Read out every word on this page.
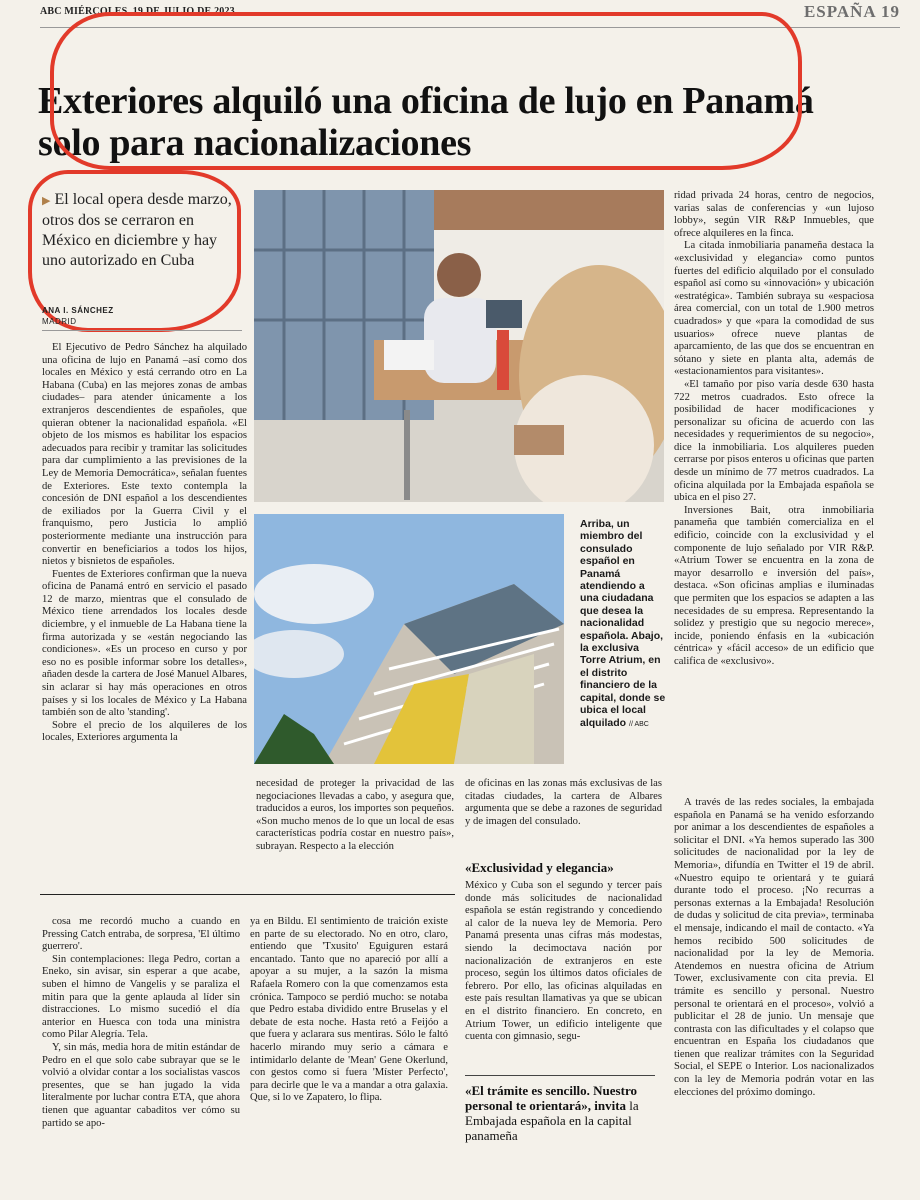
ABC MIÉRCOLES, 19 DE JULIO DE 2023	ESPAÑA 19
Exteriores alquiló una oficina de lujo en Panamá solo para nacionalizaciones
▶ El local opera desde marzo, otros dos se cerraron en México en diciembre y hay uno autorizado en Cuba
ANA I. SÁNCHEZ
MADRID

El Ejecutivo de Pedro Sánchez ha alquilado una oficina de lujo en Panamá –así como dos locales en México y está cerrando otro en La Habana (Cuba) en las mejores zonas de ambas ciudades– para atender únicamente a los extranjeros descendientes de españoles, que quieran obtener la nacionalidad española. «El objeto de los mismos es habilitar los espacios adecuados para recibir y tramitar las solicitudes para dar cumplimiento a las previsiones de la Ley de Memoria Democrática», señalan fuentes de Exteriores. Este texto contempla la concesión de DNI español a los descendientes de exiliados por la Guerra Civil y el franquismo, pero Justicia lo amplió posteriormente mediante una instrucción para convertir en beneficiarios a todos los hijos, nietos y bisnietos de españoles.

Fuentes de Exteriores confirman que la nueva oficina de Panamá entró en servicio el pasado 12 de marzo, mientras que el consulado de México tiene arrendados los locales desde diciembre, y el inmueble de La Habana tiene la firma autorizada y se «están negociando las condiciones». «Es un proceso en curso y por eso no es posible informar sobre los detalles», añaden desde la cartera de José Manuel Albares, sin aclarar si hay más operaciones en otros países y si los locales de México y La Habana también son de alto 'standing'.

Sobre el precio de los alquileres de los locales, Exteriores argumenta la

Arriba, un miembro del consulado español en Panamá atendiendo a una ciudadana que desea la nacionalidad española. Abajo, la exclusiva Torre Atrium, en el distrito financiero de la capital, donde se ubica el local alquilado // ABC

necesidad de proteger la privacidad de las negociaciones llevadas a cabo, y asegura que, traducidos a euros, los importes son pequeños. «Son mucho menos de lo que un local de esas características podría costar en nuestro país», subrayan. Respecto a la elección

de oficinas en las zonas más exclusivas de las citadas ciudades, la cartera de Albares argumenta que se debe a razones de seguridad y de imagen del consulado.

«Exclusividad y elegancia»

México y Cuba son el segundo y tercer país donde más solicitudes de nacionalidad española se están registrando y concediendo al calor de la nueva ley de Memoria. Pero Panamá presenta unas cifras más modestas, siendo la decimoctava nación por nacionalización de extranjeros en este proceso, según los últimos datos oficiales de febrero. Por ello, las oficinas alquiladas en este país resultan llamativas ya que se ubican en el distrito financiero. En concreto, en Atrium Tower, un edificio inteligente que cuenta con gimnasio, segu-

«El trámite es sencillo. Nuestro personal te orientará», invita la Embajada española en la capital panameña

ridad privada 24 horas, centro de negocios, varias salas de conferencias y «un lujoso lobby», según VIR R&P Inmuebles, que ofrece alquileres en la finca.

La citada inmobiliaria panameña destaca la «exclusividad y elegancia» como puntos fuertes del edificio alquilado por el consulado español así como su «innovación» y ubicación «estratégica». También subraya su «espaciosa área comercial, con un total de 1.900 metros cuadrados» y que «para la comodidad de sus usuarios» ofrece nueve plantas de aparcamiento, de las que dos se encuentran en sótano y siete en planta alta, además de «estacionamientos para visitantes».

«El tamaño por piso varía desde 630 hasta 722 metros cuadrados. Esto ofrece la posibilidad de hacer modificaciones y personalizar su oficina de acuerdo con las necesidades y requerimientos de su negocio», dice la inmobiliaria. Los alquileres pueden cerrarse por pisos enteros u oficinas que parten desde un mínimo de 77 metros cuadrados. La oficina alquilada por la Embajada española se ubica en el piso 27.

Inversiones Bait, otra inmobiliaria panameña que también comercializa en el edificio, coincide con la exclusividad y el componente de lujo señalado por VIR R&P. «Atrium Tower se encuentra en la zona de mayor desarrollo e inversión del país», destaca. «Son oficinas amplias e iluminadas que permiten que los espacios se adapten a las necesidades de su empresa. Representando la solidez y prestigio que su negocio merece», incide, poniendo énfasis en la «ubicación céntrica» y «fácil acceso» de un edificio que califica de «exclusivo».

A través de las redes sociales, la embajada española en Panamá se ha venido esforzando por animar a los descendientes de españoles a solicitar el DNI. «Ya hemos superado las 300 solicitudes de nacionalidad por la ley de Memoria», difundía en Twitter el 19 de abril. «Nuestro equipo te orientará y te guiará durante todo el proceso. ¡No recurras a personas externas a la Embajada! Resolución de dudas y solicitud de cita previa», terminaba el mensaje, indicando el mail de contacto. «Ya hemos recibido 500 solicitudes de nacionalidad por la ley de Memoria. Atendemos en nuestra oficina de Atrium Tower, exclusivamente con cita previa. El trámite es sencillo y personal. Nuestro personal te orientará en el proceso», volvió a publicitar el 28 de junio. Un mensaje que contrasta con las dificultades y el colapso que encuentran en España los ciudadanos que tienen que realizar trámites con la Seguridad Social, el SEPE o Interior. Los nacionalizados con la ley de Memoria podrán votar en las elecciones del próximo domingo.

cosa me recordó mucho a cuando en Pressing Catch entraba, de sorpresa, 'El último guerrero'.

Sin contemplaciones: llega Pedro, cortan a Eneko, sin avisar, sin esperar a que acabe, suben el himno de Vangelis y se paraliza el mitin para que la gente aplauda al líder sin distracciones. Lo mismo sucedió el día anterior en Huesca con toda una ministra como Pilar Alegría. Tela.

Y, sin más, media hora de mitin estándar de Pedro en el que solo cabe subrayar que se le volvió a olvidar contar a los socialistas vascos presentes, que se han jugado la vida literalmente por luchar contra ETA, que ahora tienen que aguantar cabaditos ver cómo su partido se apo-

ya en Bildu. El sentimiento de traición existe en parte de su electorado. No en otro, claro, entiendo que 'Txusito' Eguiguren estará encantado. Tanto que no apareció por allí a apoyar a su mujer, a la sazón la misma Rafaela Romero con la que comenzamos esta crónica. Tampoco se perdió mucho: se notaba que Pedro estaba dividido entre Bruselas y el debate de esta noche. Hasta retó a Feijóo a que fuera y aclarara sus mentiras. Sólo le faltó hacerlo mirando muy serio a cámara e intimidarlo delante de 'Mean' Gene Okerlund, con gestos como si fuera 'Míster Perfecto', para decirle que le va a mandar a otra galaxia. Que, si lo ve Zapatero, lo flipa.
